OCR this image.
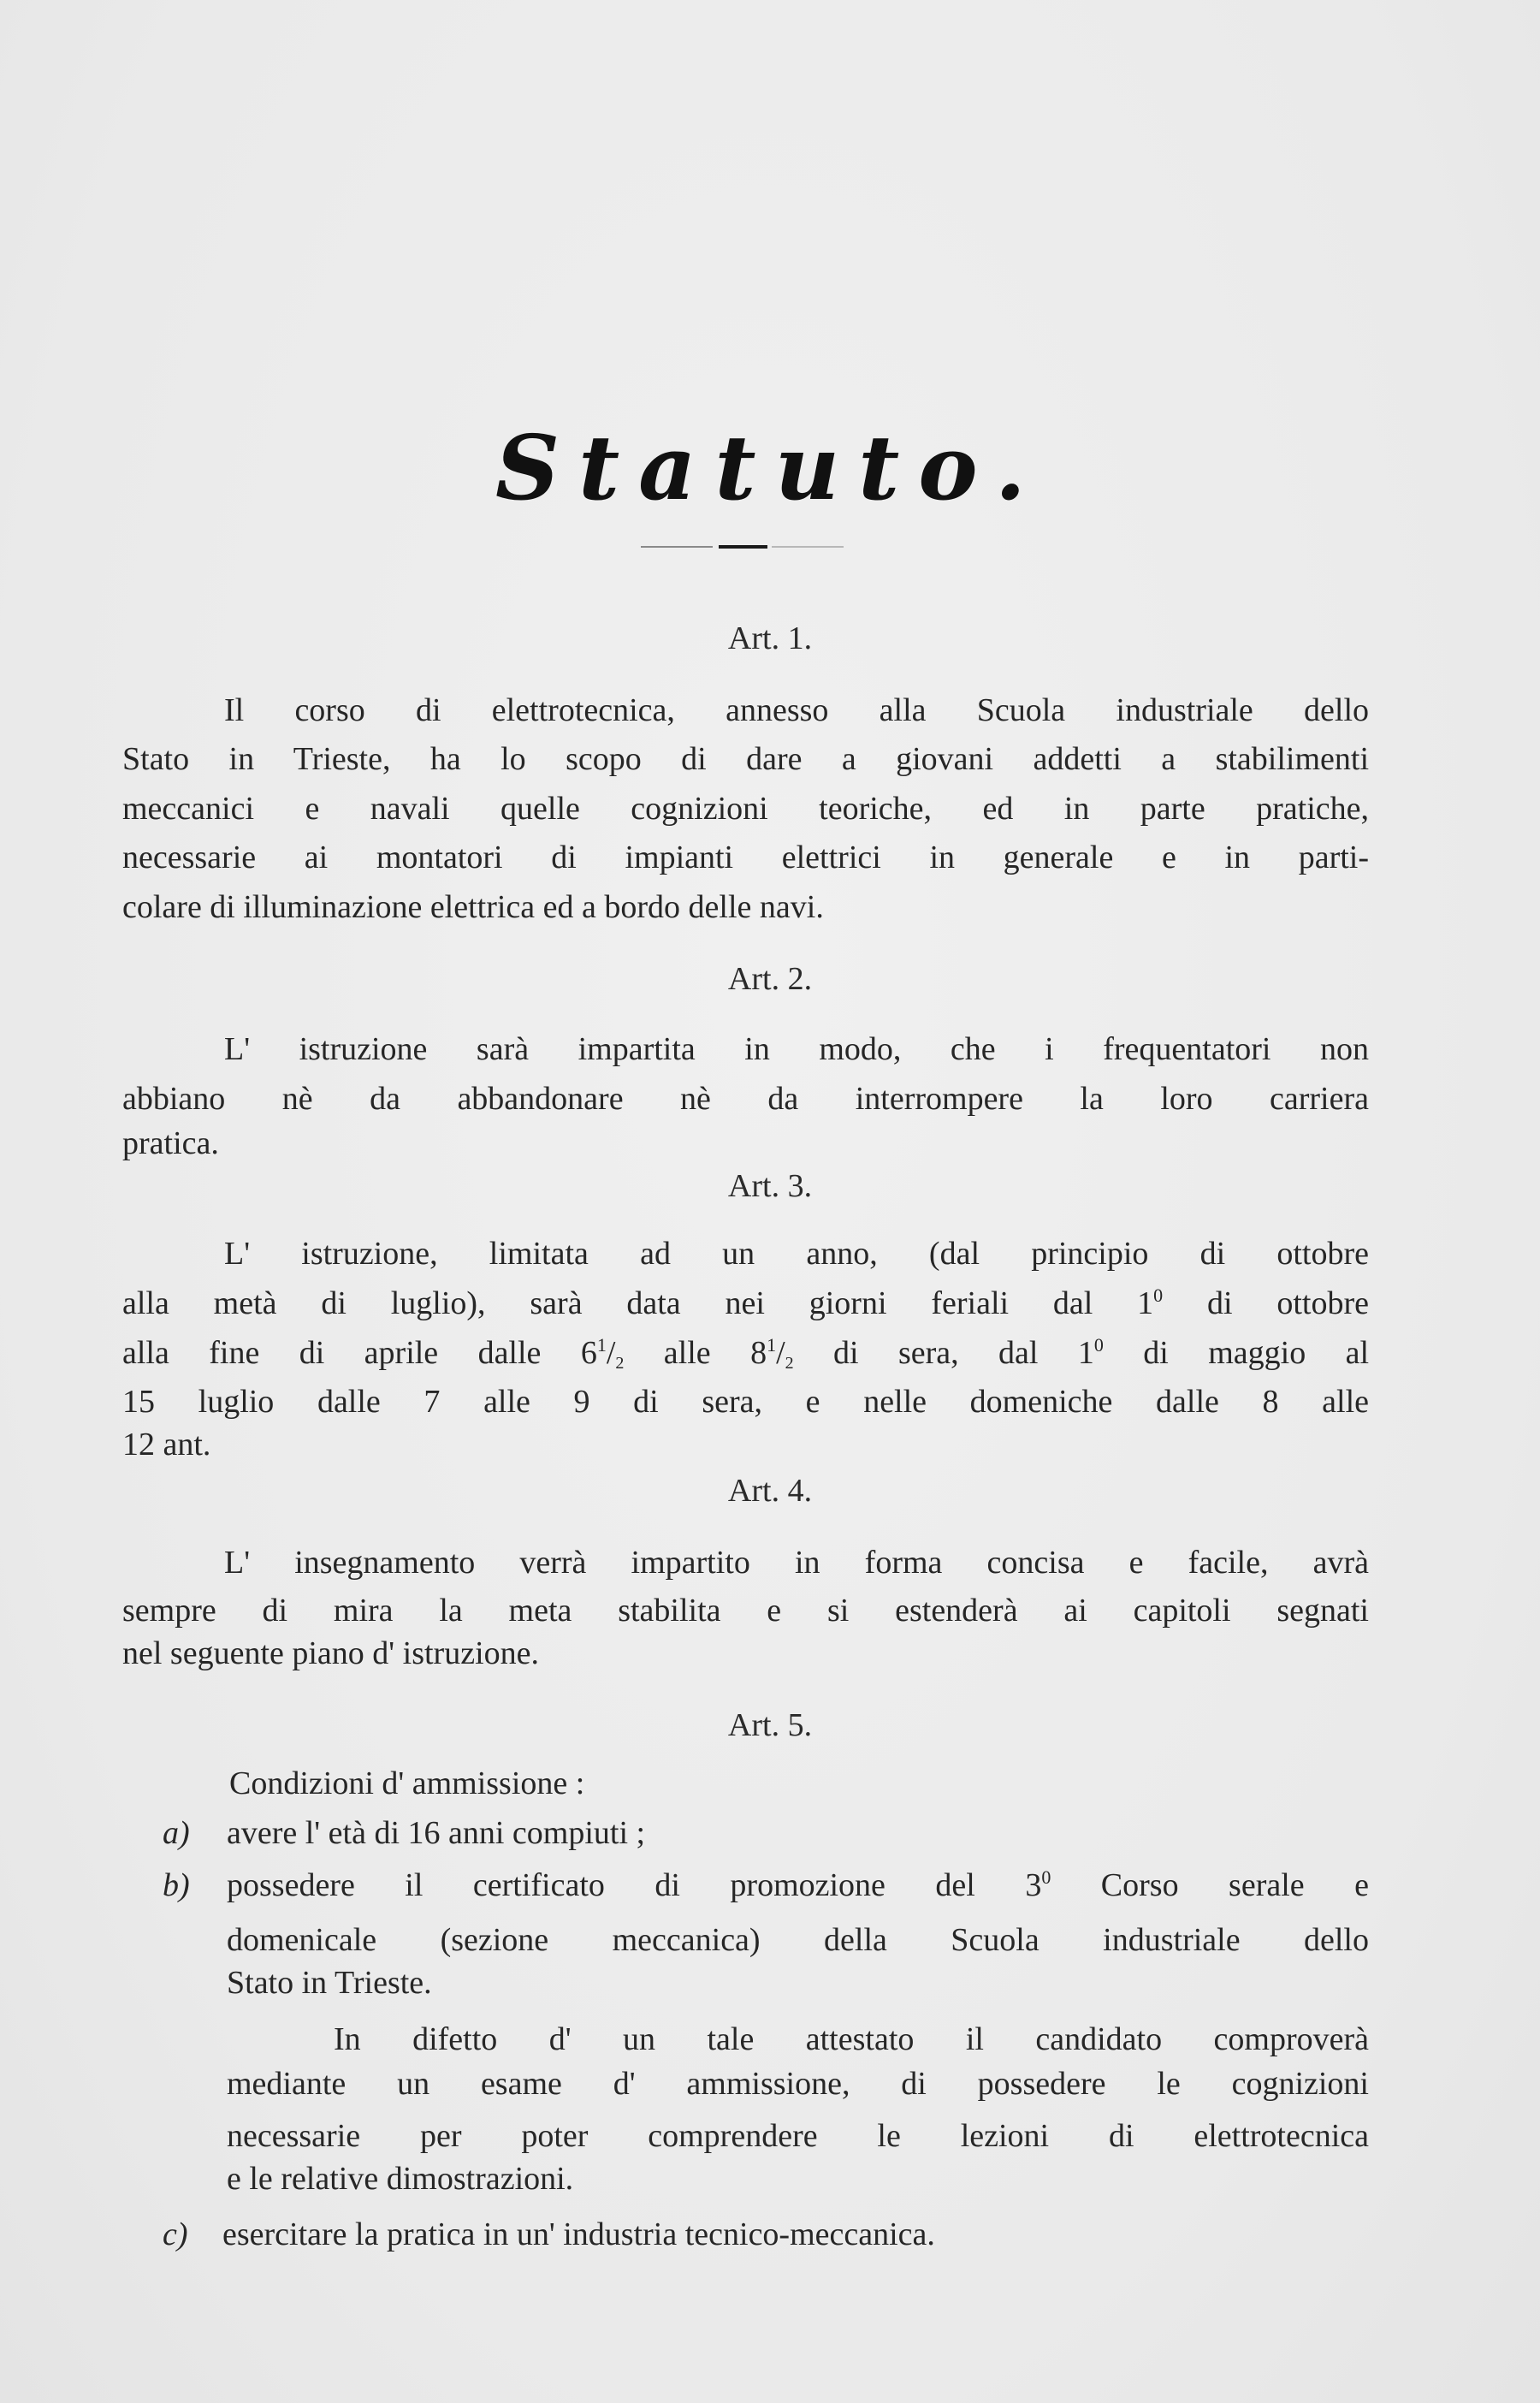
Statuto.
Art. 1.
Il corso di elettrotecnica, annesso alla Scuola industriale dello
Stato in Trieste, ha lo scopo di dare a giovani addetti a stabilimenti
meccanici e navali quelle cognizioni teoriche, ed in parte pratiche,
necessarie ai montatori di impianti elettrici in generale e in parti-
colare di illuminazione elettrica ed a bordo delle navi.
Art. 2.
L' istruzione sarà impartita in modo, che i frequentatori non
abbiano nè da abbandonare nè da interrompere la loro carriera
pratica.
Art. 3.
L' istruzione, limitata ad un anno, (dal principio di ottobre
alla metà di luglio), sarà data nei giorni feriali dal $1^0$ di ottobre
alla fine di aprile dalle $6^1/_2$ alle $8^1/_2$ di sera, dal $1^0$ di maggio al
15 luglio dalle 7 alle 9 di sera, e nelle domeniche dalle 8 alle
12 ant.
Art. 4.
L' insegnamento verrà impartito in forma concisa e facile, avrà
sempre di mira la meta stabilita e si estenderà ai capitoli segnati
nel seguente piano d' istruzione.
Art. 5.
Condizioni d' ammissione :
a) avere l' età di 16 anni compiuti ;
b) possedere il certificato di promozione del $3^0$ Corso serale e
domenicale (sezione meccanica) della Scuola industriale dello
Stato in Trieste.
In difetto d' un tale attestato il candidato comproverà
mediante un esame d' ammissione, di possedere le cognizioni
necessarie per poter comprendere le lezioni di elettrotecnica
e le relative dimostrazioni.
c) esercitare la pratica in un' industria tecnico-meccanica.
